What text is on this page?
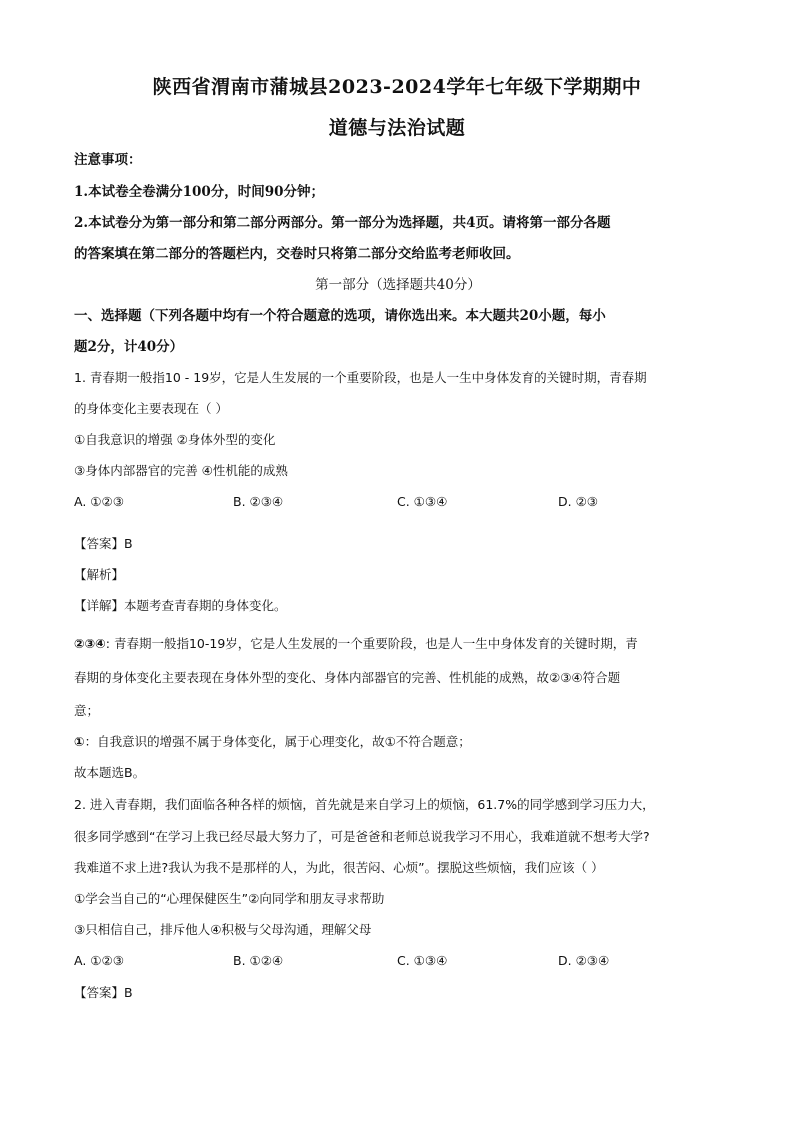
陕西省渭南市蒲城县2023-2024学年七年级下学期期中
道德与法治试题
注意事项：
1.本试卷全卷满分100分，时间90分钟；
2.本试卷分为第一部分和第二部分两部分。第一部分为选择题，共4页。请将第一部分各题
的答案填在第二部分的答题栏内，交卷时只将第二部分交给监考老师收回。
第一部分（选择题共40分）
一、选择题（下列各题中均有一个符合题意的选项，请你选出来。本大题共20小题，每小
题2分，计40分）
1. 青春期一般指10 - 19岁，它是人生发展的一个重要阶段，也是人一生中身体发育的关键时期，青春期
的身体变化主要表现在（ ）
①自我意识的增强 ②身体外型的变化
③身体内部器官的完善 ④性机能的成熟
A. ①②③	B. ②③④	C. ①③④	D. ②③
【答案】B
【解析】
【详解】本题考查青春期的身体变化。
②③④: 青春期一般指10-19岁，它是人生发展的一个重要阶段，也是人一生中身体发育的关键时期，青
春期的身体变化主要表现在身体外型的变化、身体内部器官的完善、性机能的成熟，故②③④符合题
意；
①：自我意识的增强不属于身体变化，属于心理变化，故①不符合题意；
故本题选B。
2. 进入青春期，我们面临各种各样的烦恼，首先就是来自学习上的烦恼，61.7%的同学感到学习压力大，
很多同学感到“在学习上我已经尽最大努力了，可是爸爸和老师总说我学习不用心，我难道就不想考大学?
我难道不求上进?我认为我不是那样的人，为此，很苦闷、心烦”。摆脱这些烦恼，我们应该（ ）
①学会当自己的“心理保健医生”②向同学和朋友寻求帮助
③只相信自己，排斥他人④积极与父母沟通，理解父母
A. ①②③	B. ①②④	C. ①③④	D. ②③④
【答案】B
